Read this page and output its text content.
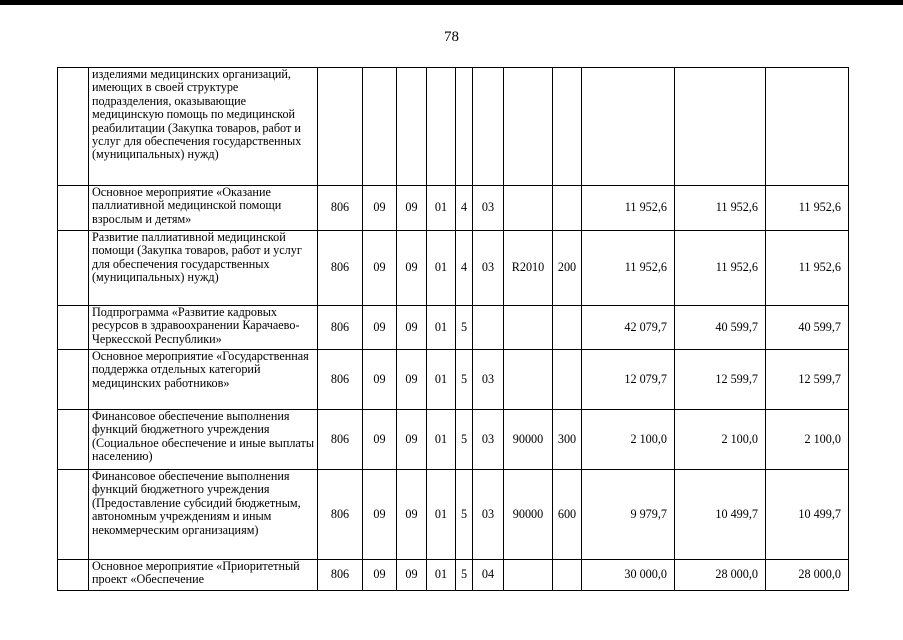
78
	изделиями медицинских организаций, имеющих в своей структуре подразделения, оказывающие медицинскую помощь по медицинской реабилитации (Закупка товаров, работ и услуг для обеспечения государственных (муниципальных) нужд)											
	Основное мероприятие «Оказание паллиативной медицинской помощи взрослым и детям»	806	09	09	01	4	03			11 952,6	11 952,6	11 952,6
	Развитие паллиативной медицинской помощи (Закупка товаров, работ и услуг для обеспечения государственных (муниципальных) нужд)	806	09	09	01	4	03	R2010	200	11 952,6	11 952,6	11 952,6
	Подпрограмма «Развитие кадровых ресурсов в здравоохранении Карачаево-Черкесской Республики»	806	09	09	01	5				42 079,7	40 599,7	40 599,7
	Основное мероприятие «Государственная поддержка отдельных категорий медицинских работников»	806	09	09	01	5	03			12 079,7	12 599,7	12 599,7
	Финансовое обеспечение выполнения функций бюджетного учреждения (Социальное обеспечение и иные выплаты населению)	806	09	09	01	5	03	90000	300	2 100,0	2 100,0	2 100,0
	Финансовое обеспечение выполнения функций бюджетного учреждения (Предоставление субсидий бюджетным, автономным учреждениям и иным некоммерческим организациям)	806	09	09	01	5	03	90000	600	9 979,7	10 499,7	10 499,7
	Основное мероприятие «Приоритетный проект «Обеспечение	806	09	09	01	5	04			30 000,0	28 000,0	28 000,0
